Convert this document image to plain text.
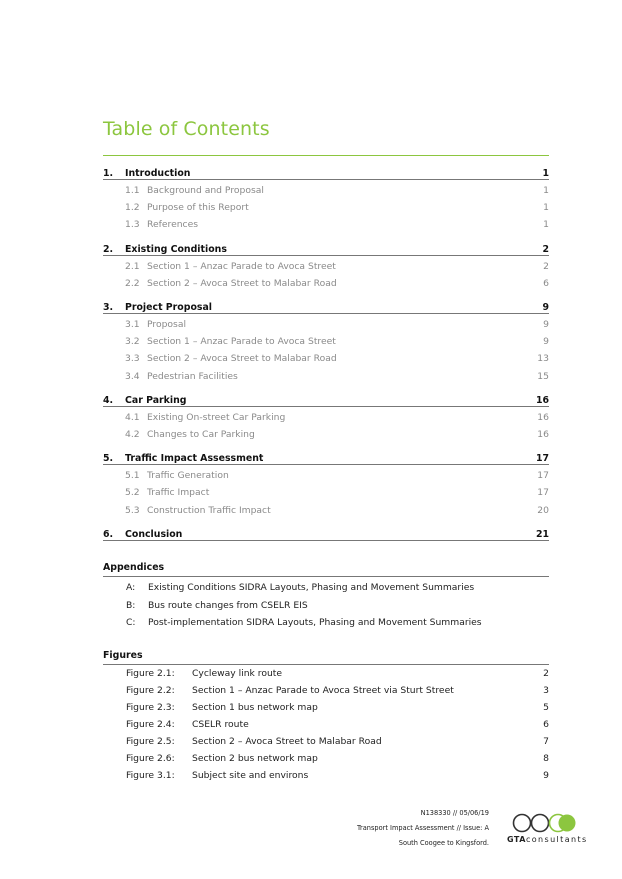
Table of Contents
1.	Introduction	1
1.1 Background and Proposal	1
1.2 Purpose of this Report	1
1.3 References	1
2.	Existing Conditions	2
2.1 Section 1 – Anzac Parade to Avoca Street	2
2.2 Section 2 – Avoca Street to Malabar Road	6
3.	Project Proposal	9
3.1 Proposal	9
3.2 Section 1 – Anzac Parade to Avoca Street	9
3.3 Section 2 – Avoca Street to Malabar Road	13
3.4 Pedestrian Facilities	15
4.	Car Parking	16
4.1 Existing On-street Car Parking	16
4.2 Changes to Car Parking	16
5.	Traffic Impact Assessment	17
5.1 Traffic Generation	17
5.2 Traffic Impact	17
5.3 Construction Traffic Impact	20
6.	Conclusion	21
Appendices
A:	Existing Conditions SIDRA Layouts, Phasing and Movement Summaries
B:	Bus route changes from CSELR EIS
C:	Post-implementation SIDRA Layouts, Phasing and Movement Summaries
Figures
Figure 2.1:	Cycleway link route	2
Figure 2.2:	Section 1 – Anzac Parade to Avoca Street via Sturt Street	3
Figure 2.3:	Section 1 bus network map	5
Figure 2.4:	CSELR route	6
Figure 2.5:	Section 2 – Avoca Street to Malabar Road	7
Figure 2.6:	Section 2 bus network map	8
Figure 3.1:	Subject site and environs	9
N138330 // 05/06/19
Transport Impact Assessment // Issue: A
South Coogee to Kingsford. GTAconsultants
